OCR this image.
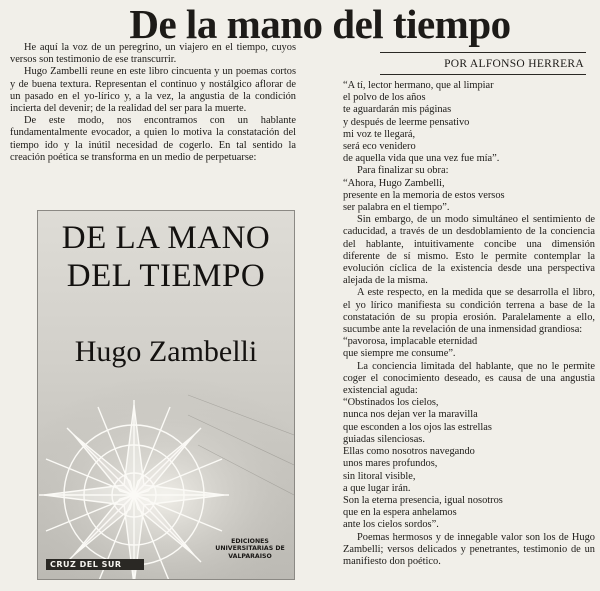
De la mano del tiempo
POR ALFONSO HERRERA

He aquí la voz de un peregrino, un viajero en el tiempo, cuyos versos son testimonio de ese transcurrir.

Hugo Zambelli reune en este libro cincuenta y un poemas cortos y de buena textura. Representan el continuo y nostálgico aflorar de un pasado en el yo-lírico y, a la vez, la angustia de la condición incierta del devenir; de la realidad del ser para la muerte.

De este modo, nos encontramos con un hablante fundamentalmente evocador, a quien lo motiva la constatación del tiempo ido y la inútil necesidad de cogerlo. En tal sentido la creación poética se transforma en un medio de perpetuarse:

DE LA MANO
DEL TIEMPO
Hugo Zambelli
EDICIONES UNIVERSITARIAS DE VALPARAISO
CRUZ DEL SUR
“A tí, lector hermano, que al limpiar
el polvo de los años
te aguardarán mis páginas
y después de leerme pensativo
mi voz te llegará,
será eco venidero
de aquella vida que una vez fue mía”.

Para finalizar su obra:

“Ahora, Hugo Zambelli,
presente en la memoria de estos versos
ser palabra en el tiempo”.

Sin embargo, de un modo simultáneo el sentimiento de caducidad, a través de un desdoblamiento de la conciencia del hablante, intuitivamente concibe una dimensión diferente de sí mismo. Esto le permite contemplar la evolución cíclica de la existencia desde una perspectiva alejada de la misma.

A este respecto, en la medida que se desarrolla el libro, el yo lírico manifiesta su condición terrena a base de la constatación de su propia erosión. Paralelamente a ello, sucumbe ante la revelación de una inmensidad grandiosa:

“pavorosa, implacable eternidad
que siempre me consume”.

La conciencia limitada del hablante, que no le permite coger el conocimiento deseado, es causa de una angustia existencial aguda:

“Obstinados los cielos,
nunca nos dejan ver la maravilla
que esconden a los ojos las estrellas
guiadas silenciosas.
Ellas como nosotros navegando
unos mares profundos,
sin litoral visible,
a que lugar irán.
Son la eterna presencia, igual nosotros
que en la espera anhelamos
ante los cielos sordos”.

Poemas hermosos y de innegable valor son los de Hugo Zambelli; versos delicados y penetrantes, testimonio de un manifiesto don poético.
